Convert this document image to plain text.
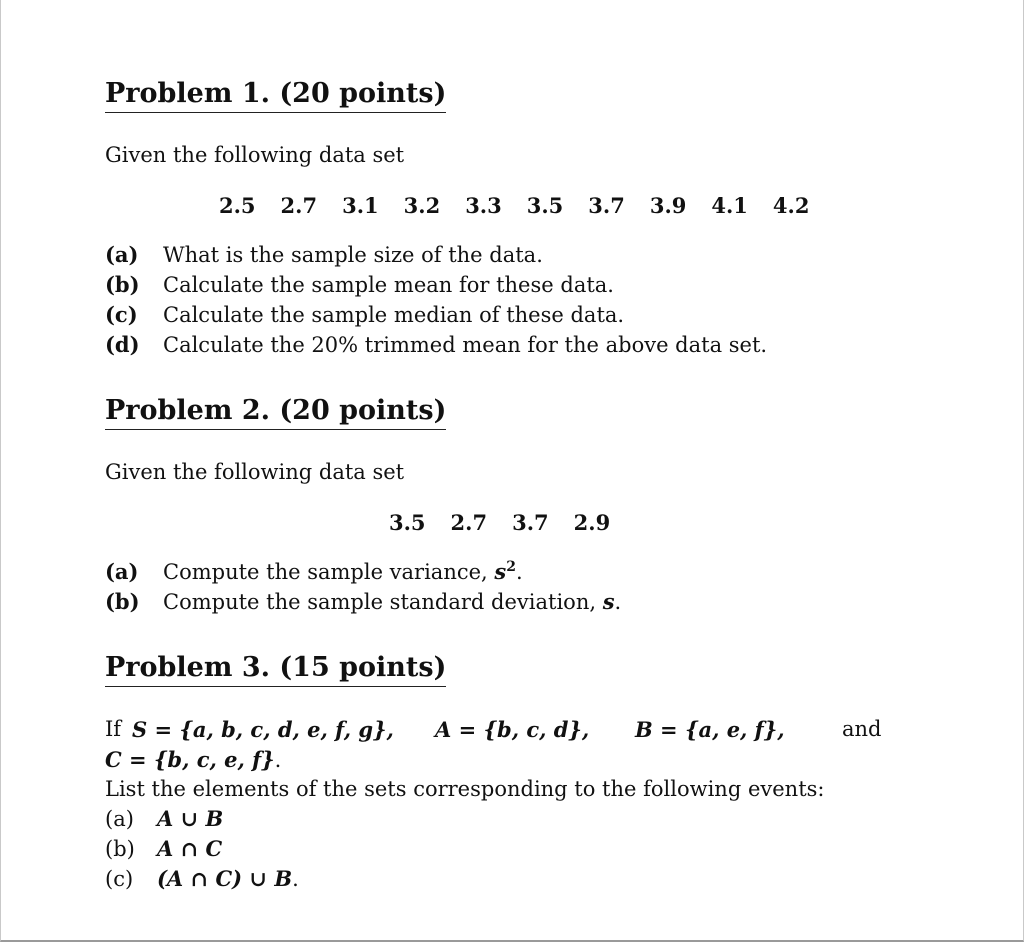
Problem 1. (20 points)
Given the following data set
2.5 2.7 3.1 3.2 3.3 3.5 3.7 3.9 4.1 4.2
(a) What is the sample size of the data.
(b) Calculate the sample mean for these data.
(c) Calculate the sample median of these data.
(d) Calculate the 20% trimmed mean for the above data set.
Problem 2. (20 points)
Given the following data set
3.5 2.7 3.7 2.9
(a) Compute the sample variance, $s^2$.
(b) Compute the sample standard deviation, s.
Problem 3. (15 points)
If S = {a, b, c, d, e, f, g}, A = {b, c, d}, B = {a, e, f},	and
C = {b, c, e, f}.
List the elements of the sets corresponding to the following events:
(a) A ∪ B
(b) A ∩ C
(c) (A ∩ C) ∪ B.
